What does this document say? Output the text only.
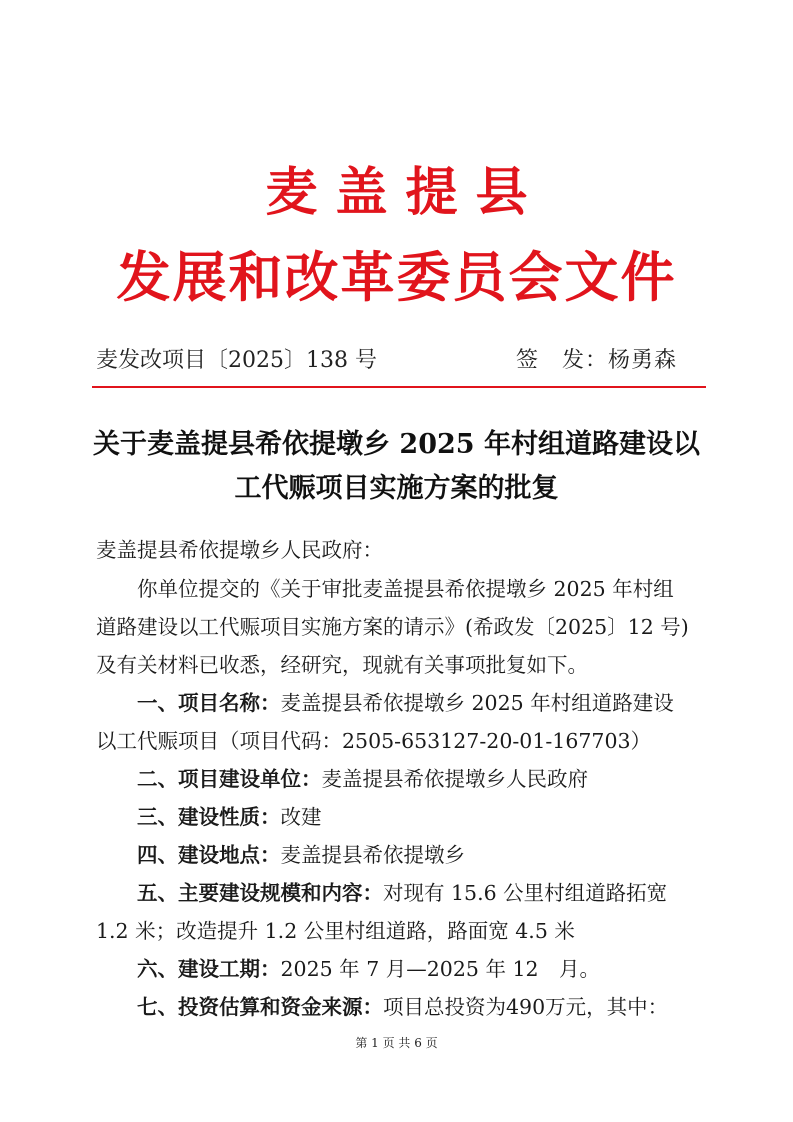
麦盖提县
发展和改革委员会文件
麦发改项目〔2025〕138 号	签　发：杨勇森
关于麦盖提县希依提墩乡 2025 年村组道路建设以
工代赈项目实施方案的批复
麦盖提县希依提墩乡人民政府：
你单位提交的《关于审批麦盖提县希依提墩乡 2025 年村组
道路建设以工代赈项目实施方案的请示》(希政发〔2025〕12 号)
及有关材料已收悉，经研究，现就有关事项批复如下。
一、项目名称：麦盖提县希依提墩乡 2025 年村组道路建设
以工代赈项目（项目代码：2505-653127-20-01-167703）
二、项目建设单位：麦盖提县希依提墩乡人民政府
三、建设性质：改建
四、建设地点：麦盖提县希依提墩乡
五、主要建设规模和内容：对现有 15.6 公里村组道路拓宽
1.2 米；改造提升 1.2 公里村组道路，路面宽 4.5 米
六、建设工期：2025 年 7 月—2025 年 12　月。
七、投资估算和资金来源：项目总投资为490万元，其中：
第 1 页 共 6 页
